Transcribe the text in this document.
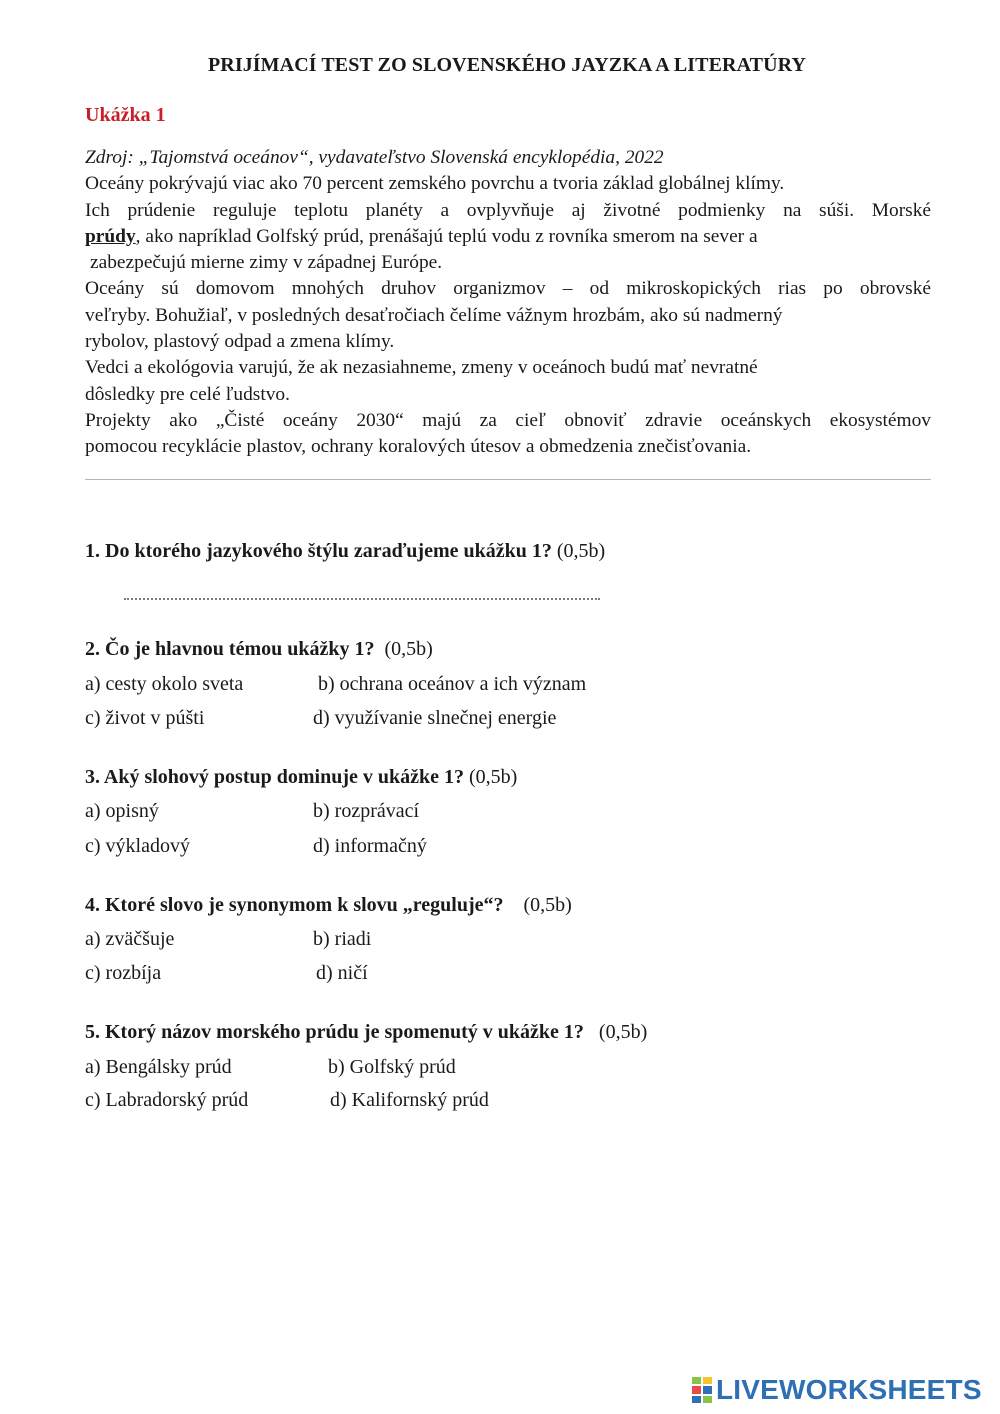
PRIJÍMACÍ TEST ZO SLOVENSKÉHO JAYZKA A LITERATÚRY
Ukážka 1
Zdroj: „Tajomstvá oceánov“, vydavateľstvo Slovenská encyklopédia, 2022
Oceány pokrývajú viac ako 70 percent zemského povrchu a tvoria základ globálnej klímy.
Ich prúdenie reguluje teplotu planéty a ovplyvňuje aj životné podmienky na súši. Morské
prúdy, ako napríklad Golfský prúd, prenášajú teplú vodu z rovníka smerom na sever a
zabezpečujú mierne zimy v západnej Európe.
Oceány sú domovom mnohých druhov organizmov – od mikroskopických rias po obrovské
veľryby. Bohužiaľ, v posledných desaťročiach čelíme vážnym hrozbám, ako sú nadmerný
rybolov, plastový odpad a zmena klímy.
Vedci a ekológovia varujú, že ak nezasiahneme, zmeny v oceánoch budú mať nevratné
dôsledky pre celé ľudstvo.
Projekty ako „Čisté oceány 2030“ majú za cieľ obnoviť zdravie oceánskych ekosystémov
pomocou recyklácie plastov, ochrany koralových útesov a obmedzenia znečisťovania.
1. Do ktorého jazykového štýlu zaraďujeme ukážku 1? (0,5b)
2. Čo je hlavnou témou ukážky 1? (0,5b)
a) cesty okolo sveta	b) ochrana oceánov a ich význam
c) život v púšti	d) využívanie slnečnej energie
3. Aký slohový postup dominuje v ukážke 1? (0,5b)
a) opisný	b) rozprávací
c) výkladový	d) informačný
4. Ktoré slovo je synonymom k slovu „reguluje“? (0,5b)
a) zväčšuje	b) riadi
c) rozbíja	d) ničí
5. Ktorý názov morského prúdu je spomenutý v ukážke 1? (0,5b)
a) Bengálsky prúd	b) Golfský prúd
c) Labradorský prúd	d) Kalifornský prúd
LIVEWORKSHEETS
